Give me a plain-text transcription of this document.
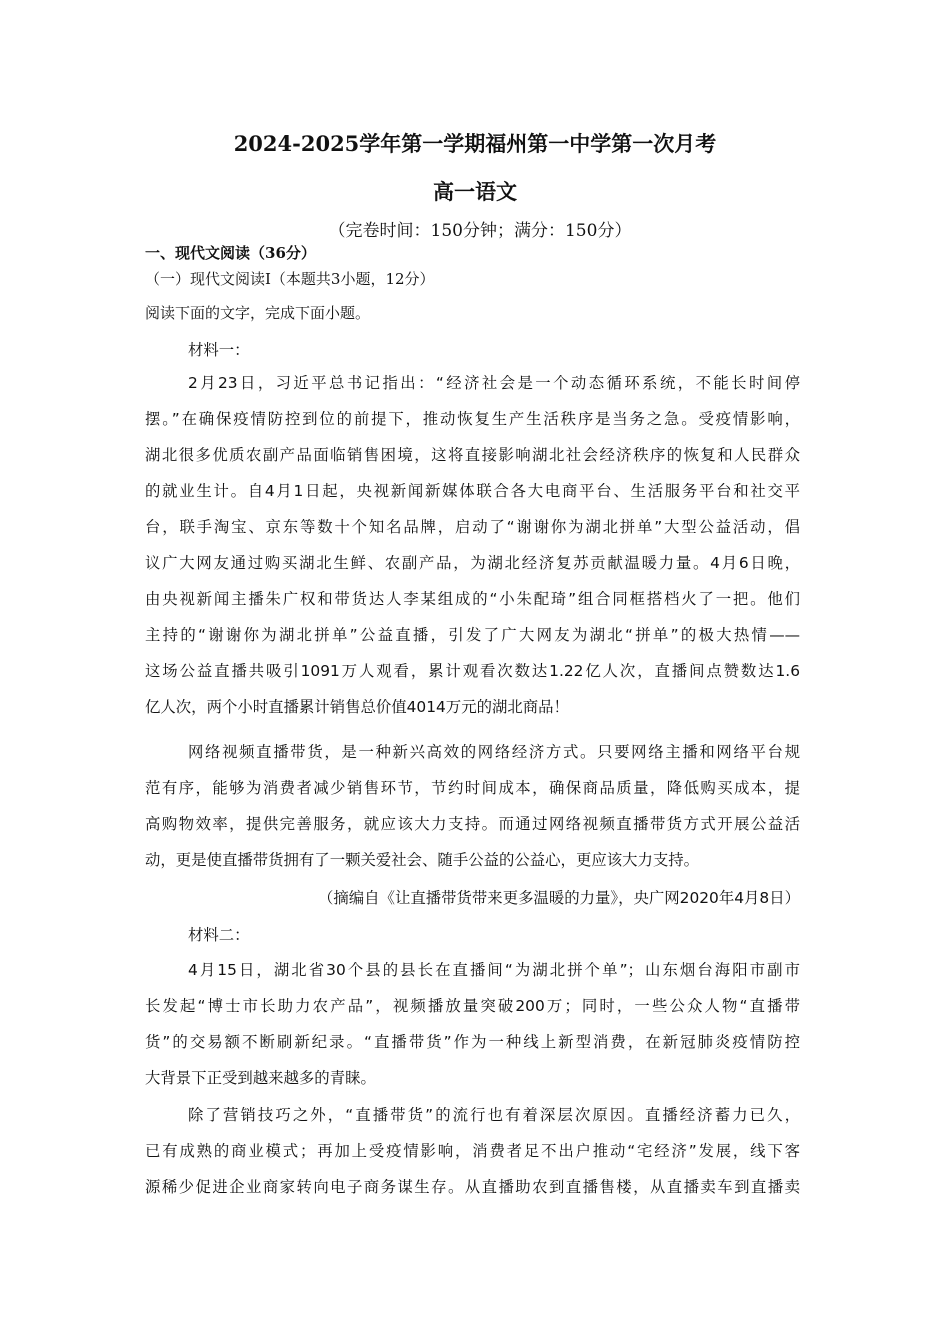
2024-2025学年第一学期福州第一中学第一次月考
高一语文
（完卷时间：150分钟；满分：150分）
一、现代文阅读（36分）
（一）现代文阅读Ⅰ（本题共3小题，12分）
阅读下面的文字，完成下面小题。
材料一：
2月23日，习近平总书记指出：“经济社会是一个动态循环系统，不能长时间停
摆。”在确保疫情防控到位的前提下，推动恢复生产生活秩序是当务之急。受疫情影响，
湖北很多优质农副产品面临销售困境，这将直接影响湖北社会经济秩序的恢复和人民群众
的就业生计。自4月1日起，央视新闻新媒体联合各大电商平台、生活服务平台和社交平
台，联手淘宝、京东等数十个知名品牌，启动了“谢谢你为湖北拼单”大型公益活动，倡
议广大网友通过购买湖北生鲜、农副产品，为湖北经济复苏贡献温暖力量。4月6日晚，
由央视新闻主播朱广权和带货达人李某组成的“小朱配琦”组合同框搭档火了一把。他们
主持的“谢谢你为湖北拼单”公益直播，引发了广大网友为湖北“拼单”的极大热情——
这场公益直播共吸引1091万人观看，累计观看次数达1.22亿人次，直播间点赞数达1.6
亿人次，两个小时直播累计销售总价值4014万元的湖北商品！
网络视频直播带货，是一种新兴高效的网络经济方式。只要网络主播和网络平台规
范有序，能够为消费者减少销售环节，节约时间成本，确保商品质量，降低购买成本，提
高购物效率，提供完善服务，就应该大力支持。而通过网络视频直播带货方式开展公益活
动，更是使直播带货拥有了一颗关爱社会、随手公益的公益心，更应该大力支持。
（摘编自《让直播带货带来更多温暖的力量》，央广网2020年4月8日）
材料二：
4月15日，湖北省30个县的县长在直播间“为湖北拼个单”；山东烟台海阳市副市
长发起“博士市长助力农产品”，视频播放量突破200万；同时，一些公众人物“直播带
货”的交易额不断刷新纪录。“直播带货”作为一种线上新型消费，在新冠肺炎疫情防控
大背景下正受到越来越多的青睐。
除了营销技巧之外，“直播带货”的流行也有着深层次原因。直播经济蓄力已久，
已有成熟的商业模式；再加上受疫情影响，消费者足不出户推动“宅经济”发展，线下客
源稀少促进企业商家转向电子商务谋生存。从直播助农到直播售楼，从直播卖车到直播卖
